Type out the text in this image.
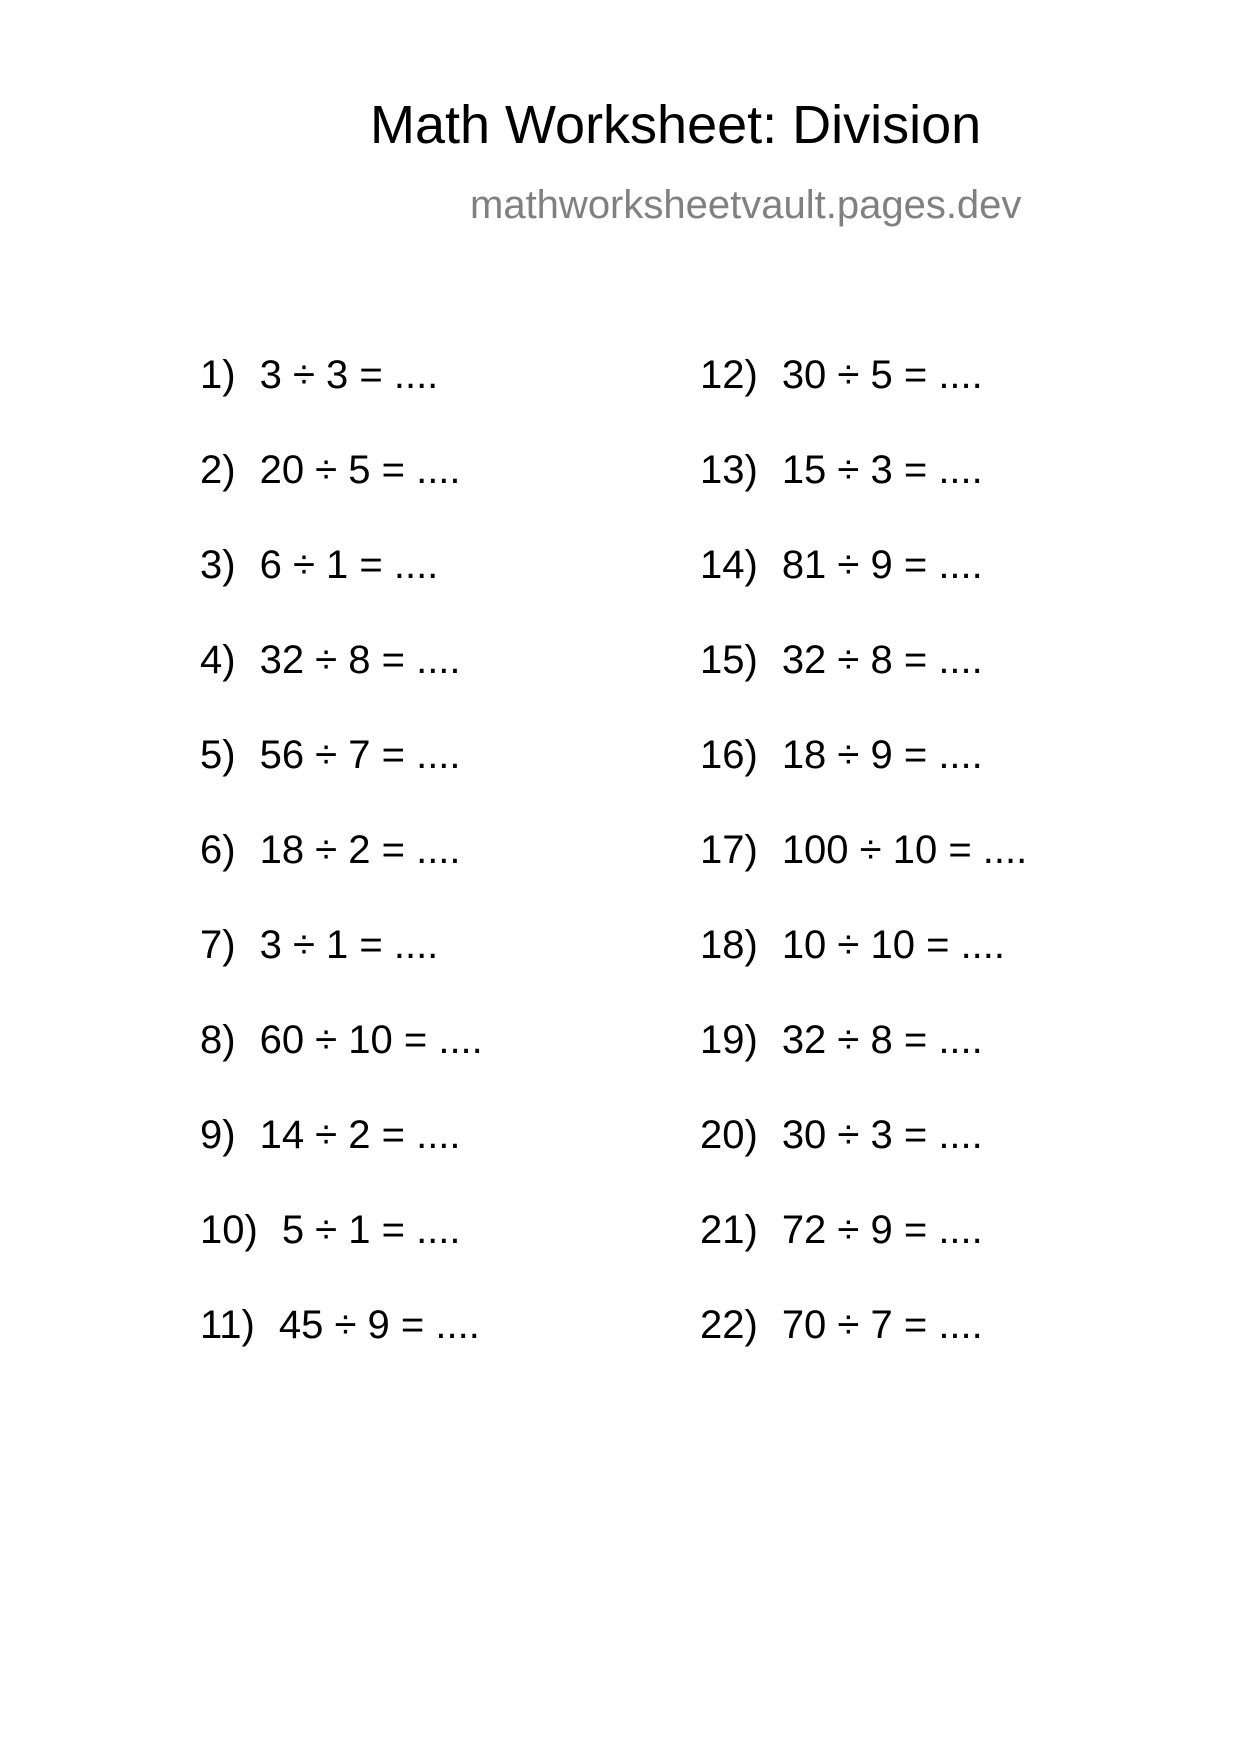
Math Worksheet: Division
mathworksheetvault.pages.dev
1) 3 ÷ 3 = ....
2) 20 ÷ 5 = ....
3) 6 ÷ 1 = ....
4) 32 ÷ 8 = ....
5) 56 ÷ 7 = ....
6) 18 ÷ 2 = ....
7) 3 ÷ 1 = ....
8) 60 ÷ 10 = ....
9) 14 ÷ 2 = ....
10) 5 ÷ 1 = ....
11) 45 ÷ 9 = ....
12) 30 ÷ 5 = ....
13) 15 ÷ 3 = ....
14) 81 ÷ 9 = ....
15) 32 ÷ 8 = ....
16) 18 ÷ 9 = ....
17) 100 ÷ 10 = ....
18) 10 ÷ 10 = ....
19) 32 ÷ 8 = ....
20) 30 ÷ 3 = ....
21) 72 ÷ 9 = ....
22) 70 ÷ 7 = ....
